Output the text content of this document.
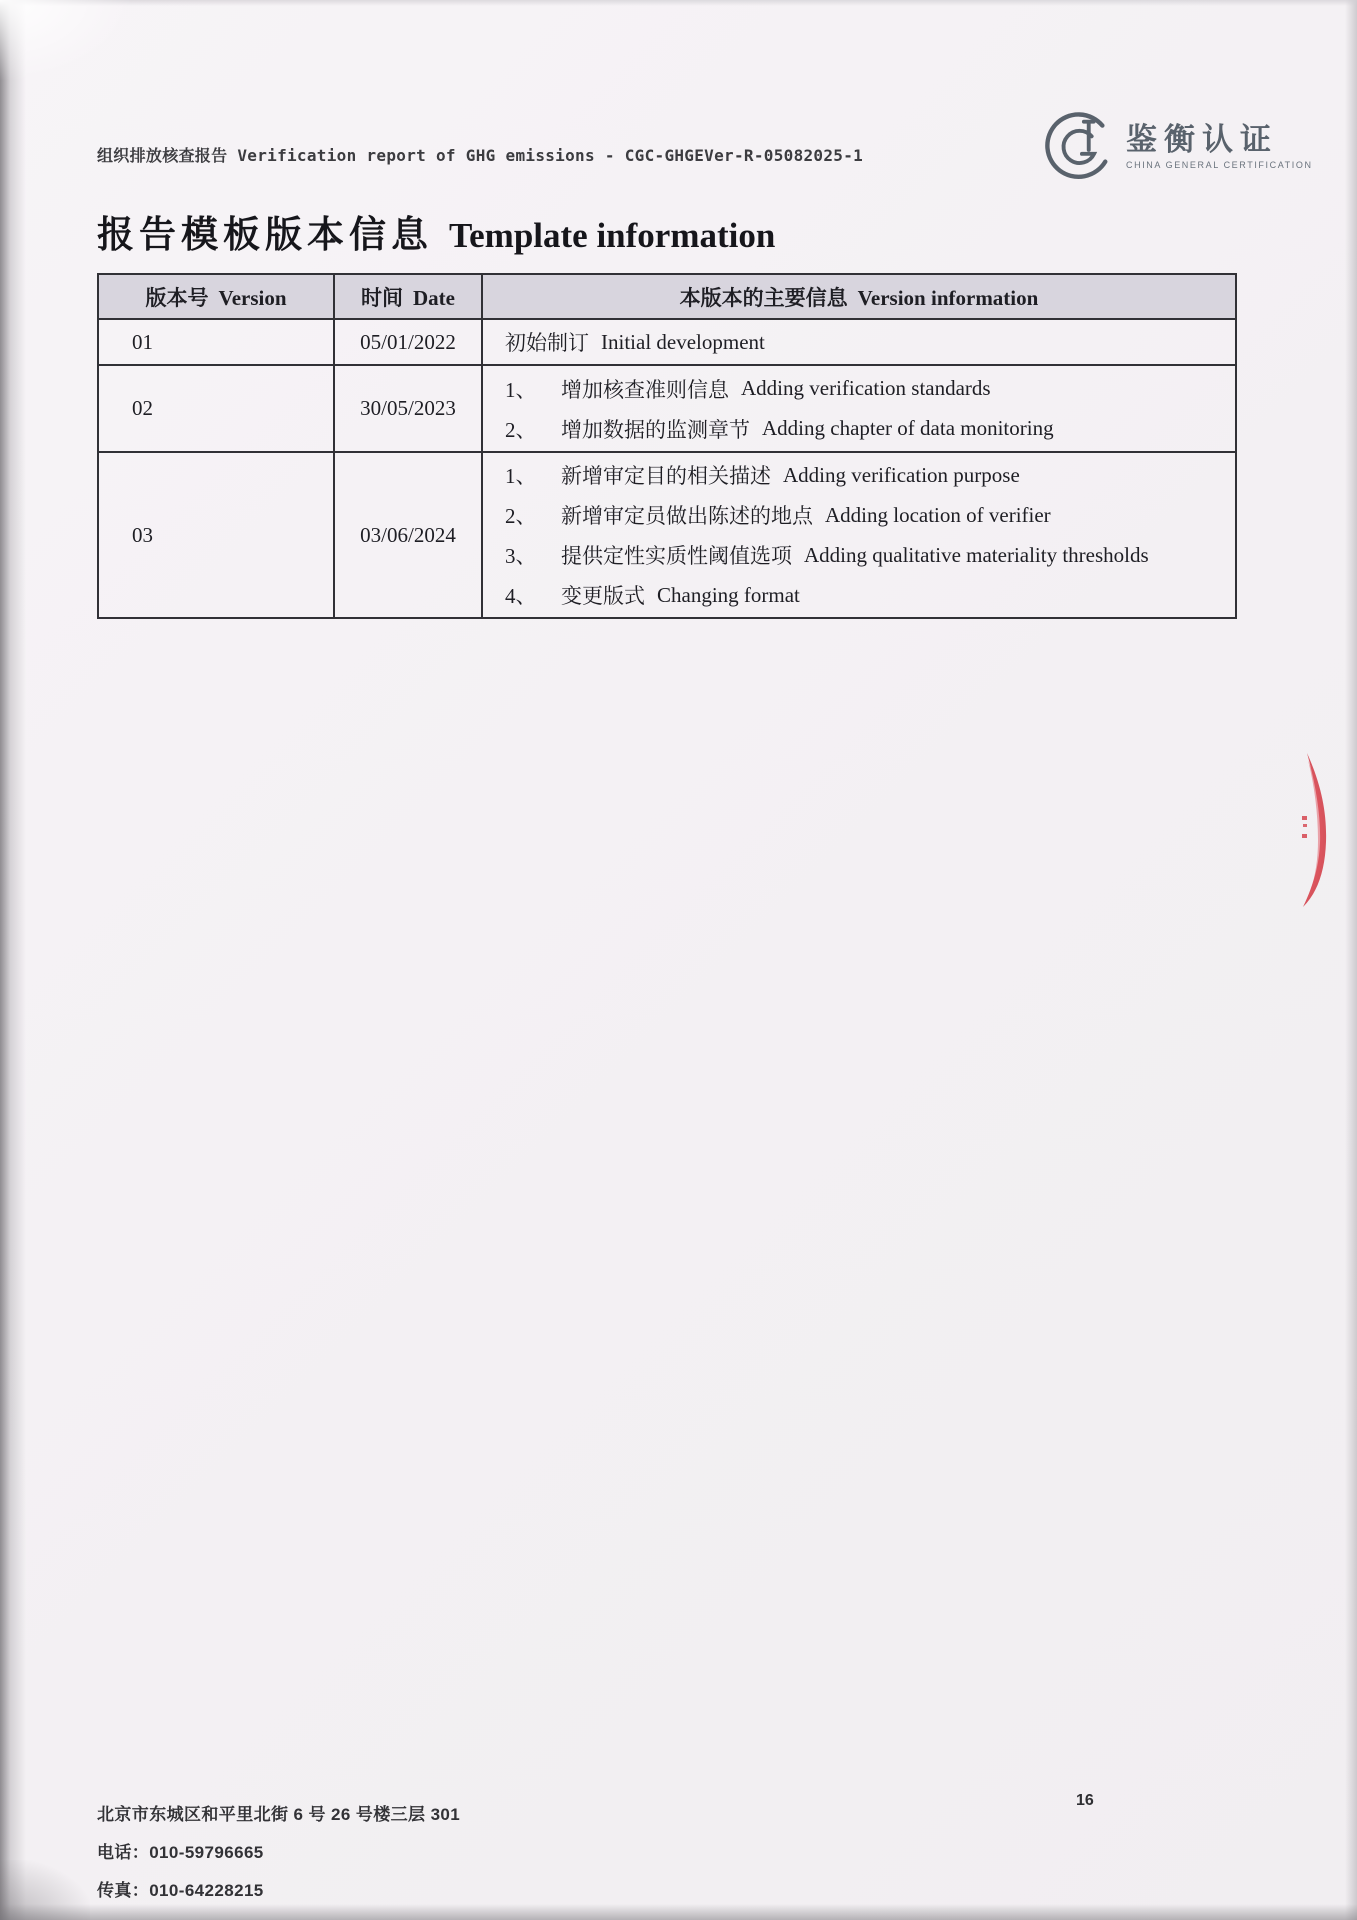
组织排放核查报告 Verification report of GHG emissions - CGC-GHGEVer-R-05082025-1	鉴衡认证
CHINA GENERAL CERTIFICATION
报告模板版本信息 Template information
版本号 Version	时间 Date	本版本的主要信息 Version information
01	05/01/2022	初始制订 Initial development

02	30/05/2023	
1、	增加核查准则信息 Adding verification standards
2、	增加数据的监测章节 Adding chapter of data monitoring

03	03/06/2024	
1、	新增审定目的相关描述 Adding verification purpose
2、	新增审定员做出陈述的地点 Adding location of verifier
3、	提供定性实质性阈值选项 Adding qualitative materiality thresholds
4、	变更版式 Changing format
北京市东城区和平里北街 6 号 26 号楼三层 301
电话：010-59796665
传真：010-64228215
16
